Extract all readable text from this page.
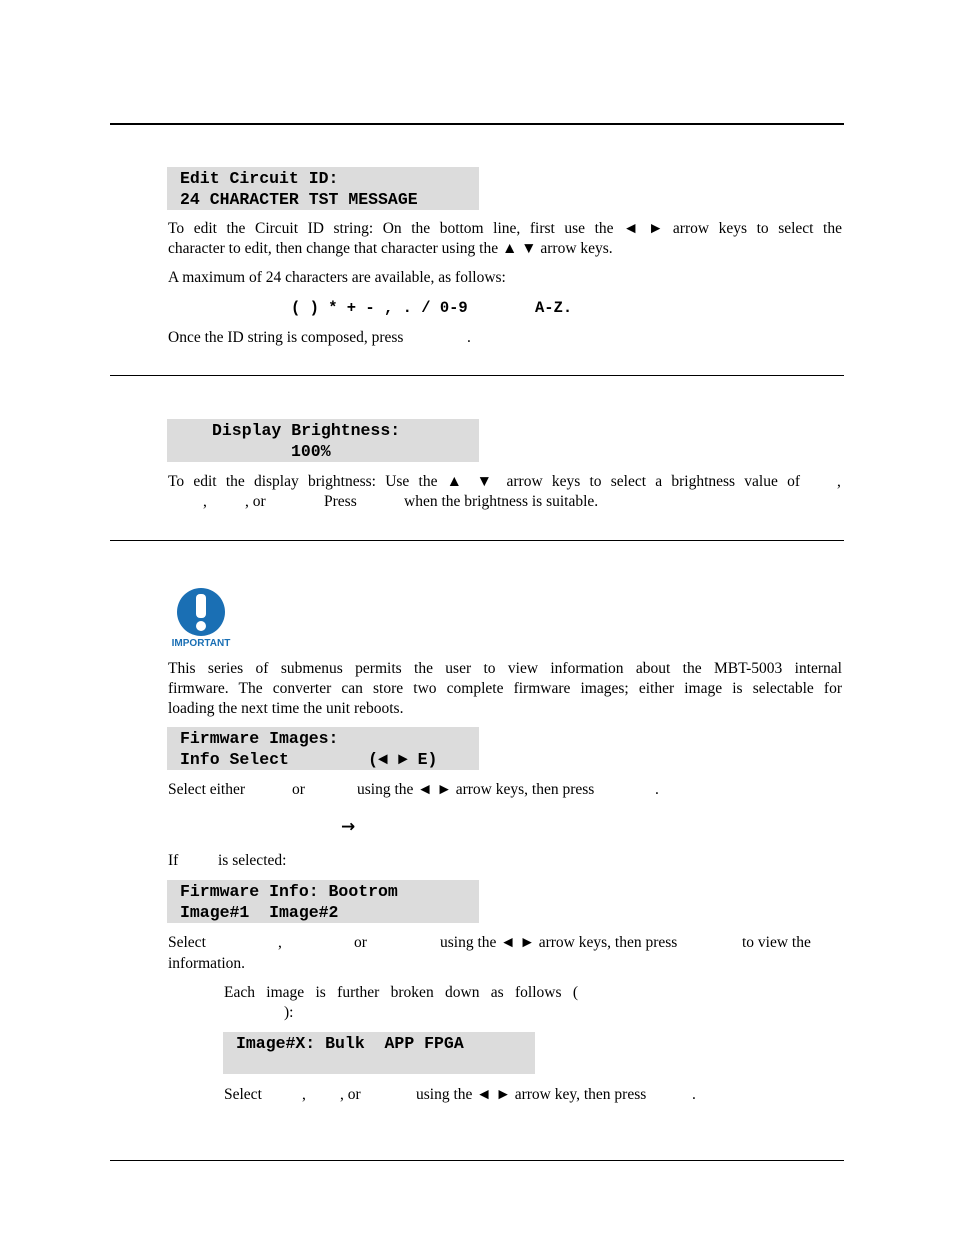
Edit Circuit ID:
24 CHARACTER TST MESSAGE
To edit the Circuit ID string: On the bottom line, first use the ◄ ► arrow keys to select the
character to edit, then change that character using the ▲ ▼ arrow keys.
A maximum of 24 characters are available, as follows:
( ) * + - , . / 0-9	A-Z.
Once the ID string is composed, press	.
Display Brightness:
100%
To edit the display brightness: Use the ▲ ▼ arrow keys to select a brightness value of ,
, , or	Press	when the brightness is suitable.
IMPORTANT
This series of submenus permits the user to view information about the MBT-5003 internal
firmware. The converter can store two complete firmware images; either image is selectable for
loading the next time the unit reboots.
Firmware Images:
Info Select        (◄ ► E)
Select either	or	using the ◄ ► arrow keys, then press	.
→
If	is selected:
Firmware Info: Bootrom
Image#1  Image#2
Select	,	or	using the ◄ ► arrow keys, then press	to view the
information.
Each image is further broken down as follows (
):
Image#X: Bulk  APP FPGA
Select	, , or	using the ◄ ► arrow key, then press	.
